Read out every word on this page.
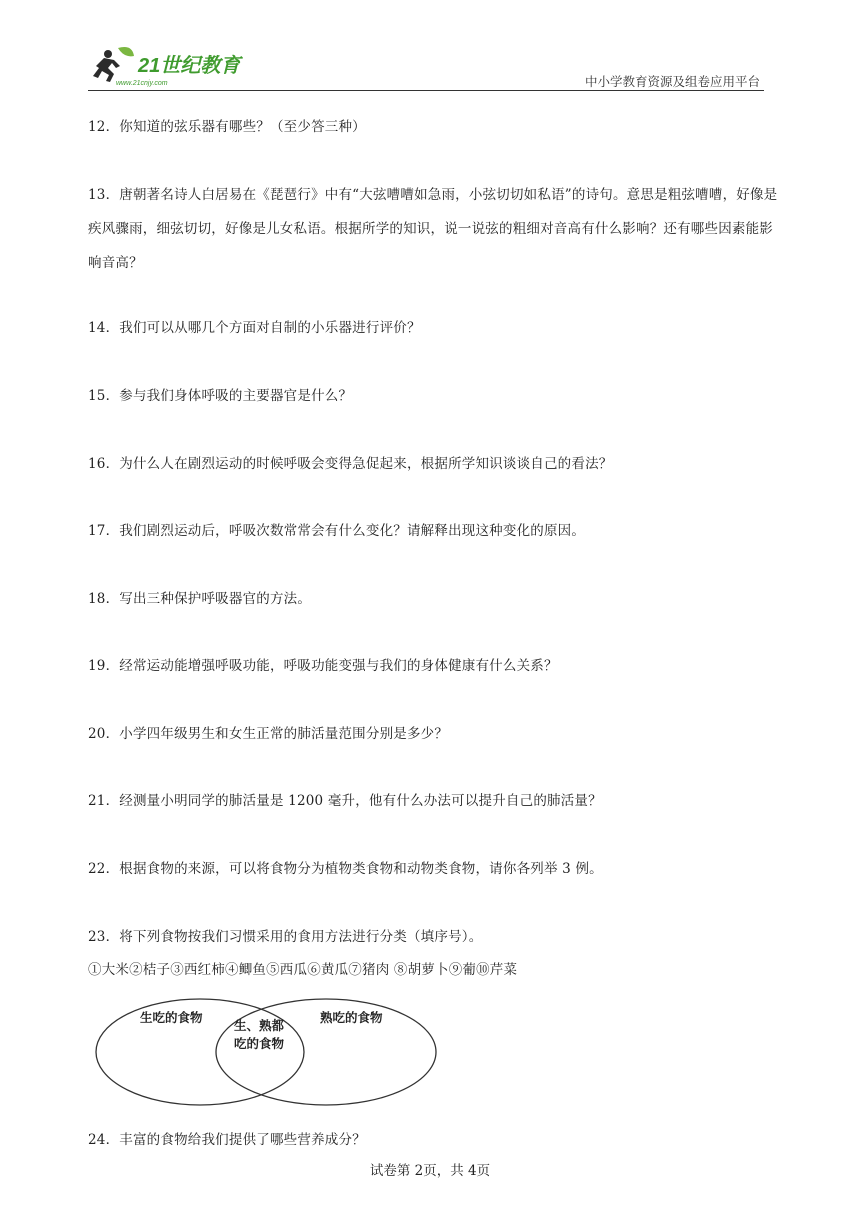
21世纪教育
www.21cnjy.com	中小学教育资源及组卷应用平台
12．你知道的弦乐器有哪些？（至少答三种）
13．唐朝著名诗人白居易在《琵琶行》中有“大弦嘈嘈如急雨，小弦切切如私语”的诗句。意思是粗弦嘈嘈，好像是疾风骤雨，细弦切切，好像是儿女私语。根据所学的知识，说一说弦的粗细对音高有什么影响？还有哪些因素能影响音高？
14．我们可以从哪几个方面对自制的小乐器进行评价？
15．参与我们身体呼吸的主要器官是什么？
16．为什么人在剧烈运动的时候呼吸会变得急促起来，根据所学知识谈谈自己的看法？
17．我们剧烈运动后，呼吸次数常常会有什么变化？请解释出现这种变化的原因。
18．写出三种保护呼吸器官的方法。
19．经常运动能增强呼吸功能，呼吸功能变强与我们的身体健康有什么关系？
20．小学四年级男生和女生正常的肺活量范围分别是多少？
21．经测量小明同学的肺活量是 1200 毫升，他有什么办法可以提升自己的肺活量？
22．根据食物的来源，可以将食物分为植物类食物和动物类食物，请你各列举 3 例。
23．将下列食物按我们习惯采用的食用方法进行分类（填序号）。
①大米②桔子③西红柿④鲫鱼⑤西瓜⑥黄瓜⑦猪肉 ⑧胡萝卜⑨葡⑩芹菜
生吃的食物
生、熟都
吃的食物
熟吃的食物
24．丰富的食物给我们提供了哪些营养成分？
试卷第 2页，共 4页
